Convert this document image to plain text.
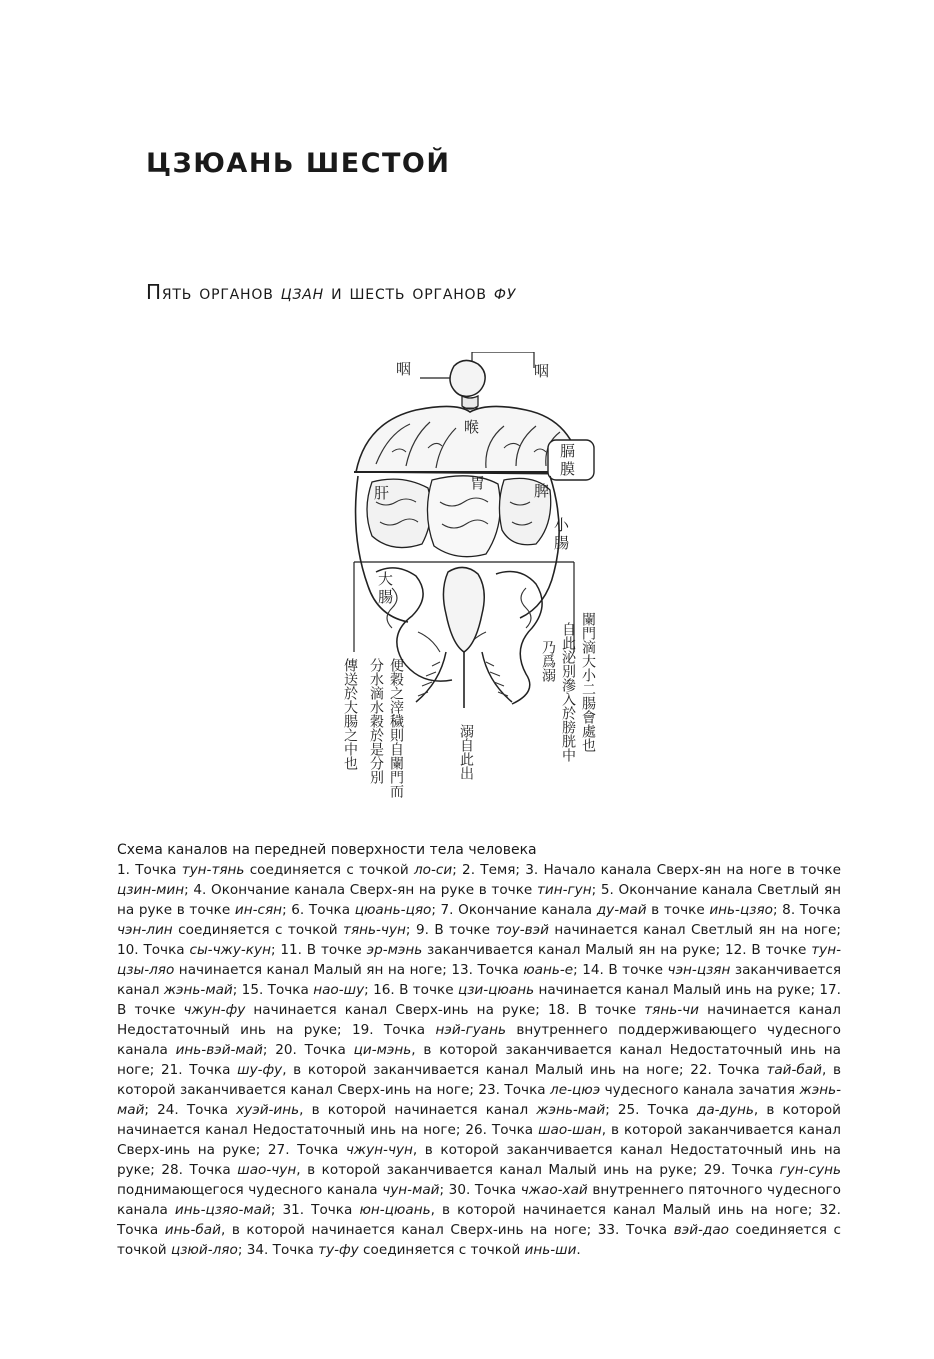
ЦЗЮАНЬ ШЕСТОЙ
Пять органов цзан и шесть органов фу
咽	咽
喉
膈
膜
肝
胃	脾
小
腸
大
腸
傳送於大腸之中也 分水滴水穀於是分別 便穀之滓穢則自闌門而	溺自此出	闌門滴大小二腸會處也
自此泌別滲入於膀胱中
乃爲溺

Схема каналов на передней поверхности тела человека

1. Точка тун-тянь соединяется с точкой ло-си; 2. Темя; 3. Начало канала Сверх-ян на ноге в точке цзин-мин; 4. Окончание канала Сверх-ян на руке в точке тин-гун; 5. Окончание канала Светлый ян на руке в точке ин-сян; 6. Точка цюань-цяо; 7. Окончание канала ду-май в точке инь-цзяо; 8. Точка чэн-лин соединяется с точкой тянь-чун; 9. В точке тоу-вэй начинается канал Светлый ян на ноге; 10. Точка сы-чжу-кун; 11. В точке эр-мэнь заканчивается канал Малый ян на руке; 12. В точке тун-цзы-ляо начинается канал Малый ян на ноге; 13. Точка юань-е; 14. В точке чэн-цзян заканчивается канал жэнь-май; 15. Точка нао-шу; 16. В точке цзи-цюань начинается канал Малый инь на руке; 17. В точке чжун-фу начинается канал Сверх-инь на руке; 18. В точке тянь-чи начинается канал Недостаточный инь на руке; 19. Точка нэй-гуань внутреннего поддерживающего чудесного канала инь-вэй-май; 20. Точка ци-мэнь, в которой заканчивается канал Недостаточный инь на ноге; 21. Точка шу-фу, в которой заканчивается канал Малый инь на ноге; 22. Точка тай-бай, в которой заканчивается канал Сверх-инь на ноге; 23. Точка ле-цюэ чудесного канала зачатия жэнь-май; 24. Точка хуэй-инь, в которой начинается канал жэнь-май; 25. Точка да-дунь, в которой начинается канал Недостаточный инь на ноге; 26. Точка шао-шан, в которой заканчивается канал Сверх-инь на руке; 27. Точка чжун-чун, в которой заканчивается канал Недостаточный инь на руке; 28. Точка шао-чун, в которой заканчивается канал Малый инь на руке; 29. Точка гун-сунь поднимающегося чудесного канала чун-май; 30. Точка чжао-хай внутреннего пяточного чудесного канала инь-цзяо-май; 31. Точка юн-цюань, в которой начинается канал Малый инь на ноге; 32. Точка инь-бай, в которой начинается канал Сверх-инь на ноге; 33. Точка вэй-дао соединяется с точкой цзюй-ляо; 34. Точка ту-фу соединяется с точкой инь-ши.
